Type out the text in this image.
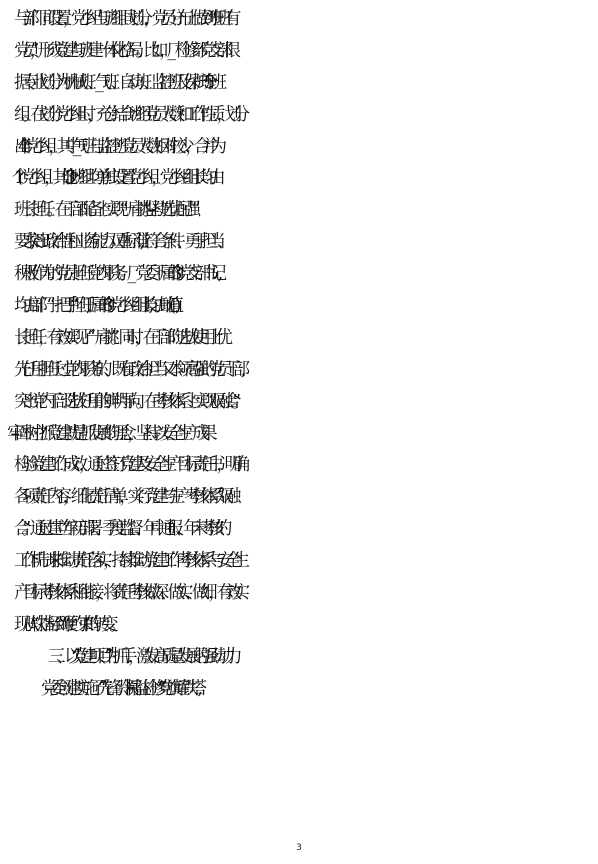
与部门同设置，党小组与班组同划分，党员分布上做到“班班有
党员”，形成党建与班建一体化格局。比如，_厂检修部党支部根
据专业划分为机械班、_气班、自动班、监控班及保护班 5 个班
组。在划分党小组时，充分结合班组党员人数和工作性质，划分
出 4 个党小组，其中_气班与监控班党员人数相对较少，合并为
1 个党小组，其他 3 个班组均单独设置党小组，党小组组长均由
班长担任。在干部配备上实现“一肩挑”。--坚持“选优配强”
要求,突出政治性和业务能力双重标准,让符合条件、勇于担当、
积极作为的党员担任党内职务。_厂党委下属的 3 个党支部书记,
均由部门“一把手”担任,下属的 8 个党小组组长,均由班(值)
长担任，有效实现了“一肩挑”。同时，在干部的选拔使用上优
先任用担任过党内职务的、既有政治担当又本领高强的党员干部,
突出党内干部选拔任用的鲜明导向。在考核体系上实现“双融合”。
--牢固树立“抓党建就是抓发展”的理念，坚持以安全生产成果
检验党建工作成效，通过签订党建及安全生产目标责任书，明确
各项责任内容，细化责任清单，实行党建与生产考核体系“双融
合”。通过建立“年初部署、季度监督、年中通报、年末考核”的
工作机制来推动责任落实，持续推动党建工作考核体系与安全生
产目标考核体系相衔接，将责任考核做深、做实、做细，有效实
现从“软指标”到“硬约束”的转变。
三、以“党建项目”为抓手，激发高质量发展的强劲动力
--党委创建实施了“先锋引领·精益检修”“党旗耀铁塔,
3
